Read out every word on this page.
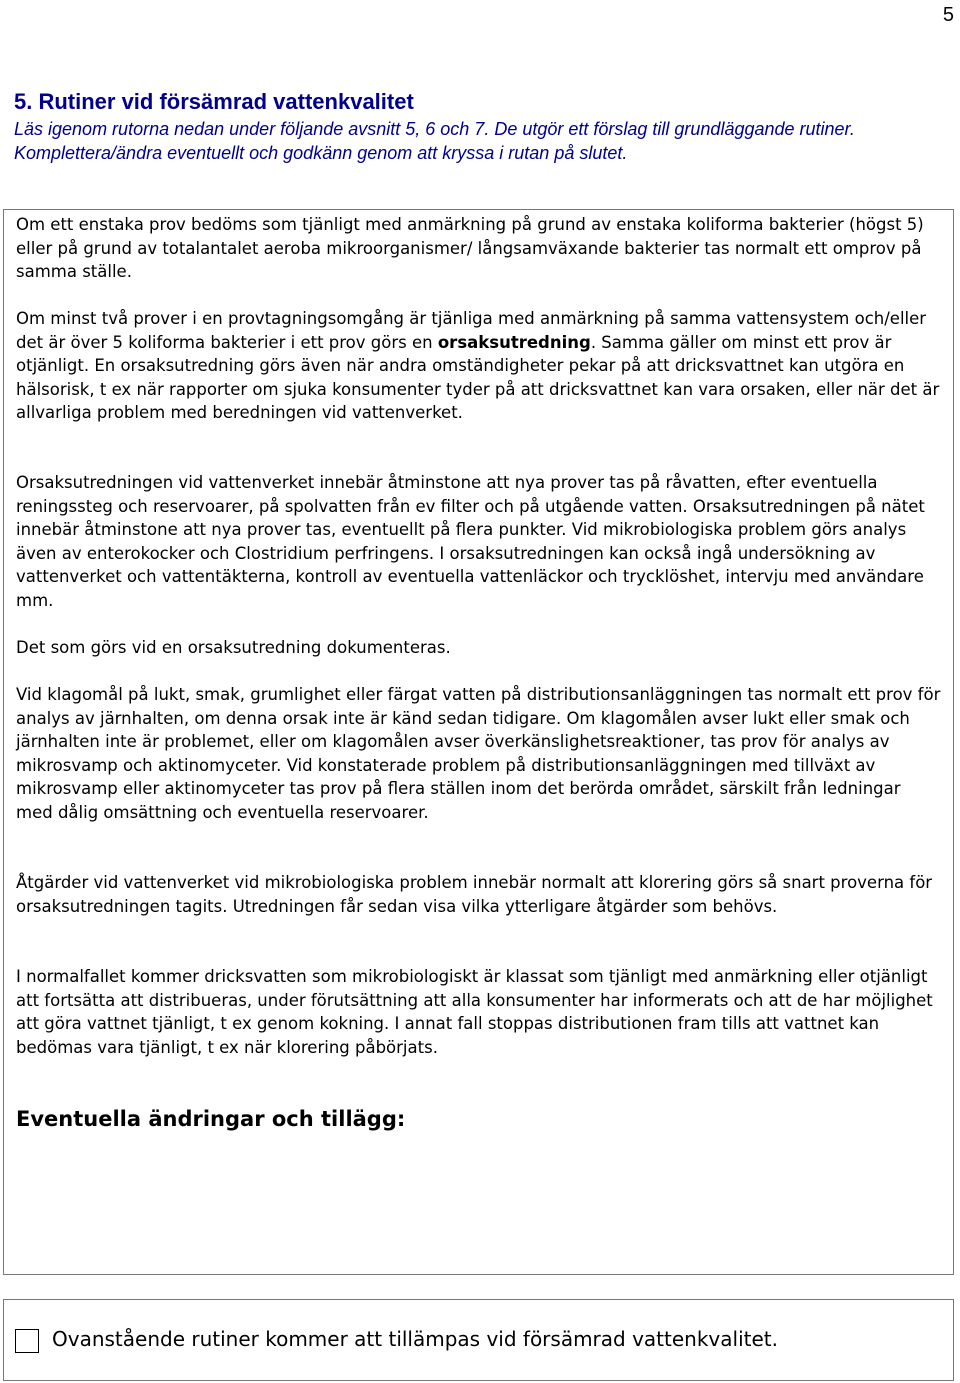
5
5. Rutiner vid försämrad vattenkvalitet

Läs igenom rutorna nedan under följande avsnitt 5, 6 och 7. De utgör ett förslag till grundläggande rutiner. Komplettera/ändra eventuellt och godkänn genom att kryssa i rutan på slutet.

Om ett enstaka prov bedöms som tjänligt med anmärkning på grund av enstaka koliforma bakterier (högst 5) eller på grund av totalantalet aeroba mikroorganismer/ långsamväxande bakterier tas normalt ett omprov på samma ställe.

Om minst två prover i en provtagningsomgång är tjänliga med anmärkning på samma vattensystem och/eller det är över 5 koliforma bakterier i ett prov görs en orsaksutredning. Samma gäller om minst ett prov är otjänligt. En orsaksutredning görs även när andra omständigheter pekar på att dricksvattnet kan utgöra en hälsorisk, t ex när rapporter om sjuka konsumenter tyder på att dricksvattnet kan vara orsaken, eller när det är allvarliga problem med beredningen vid vattenverket.

Orsaksutredningen vid vattenverket innebär åtminstone att nya prover tas på råvatten, efter eventuella reningssteg och reservoarer, på spolvatten från ev filter och på utgående vatten. Orsaksutredningen på nätet innebär åtminstone att nya prover tas, eventuellt på flera punkter. Vid mikrobiologiska problem görs analys även av enterokocker och Clostridium perfringens. I orsaksutredningen kan också ingå undersökning av vattenverket och vattentäkterna, kontroll av eventuella vattenläckor och trycklöshet, intervju med användare mm.

Det som görs vid en orsaksutredning dokumenteras.

Vid klagomål på lukt, smak, grumlighet eller färgat vatten på distributionsanläggningen tas normalt ett prov för analys av järnhalten, om denna orsak inte är känd sedan tidigare. Om klagomålen avser lukt eller smak och järnhalten inte är problemet, eller om klagomålen avser överkänslighetsreaktioner, tas prov för analys av mikrosvamp och aktinomyceter. Vid konstaterade problem på distributionsanläggningen med tillväxt av mikrosvamp eller aktinomyceter tas prov på flera ställen inom det berörda området, särskilt från ledningar med dålig omsättning och eventuella reservoarer.

Åtgärder vid vattenverket vid mikrobiologiska problem innebär normalt att klorering görs så snart proverna för orsaksutredningen tagits. Utredningen får sedan visa vilka ytterligare åtgärder som behövs.

I normalfallet kommer dricksvatten som mikrobiologiskt är klassat som tjänligt med anmärkning eller otjänligt att fortsätta att distribueras, under förutsättning att alla konsumenter har informerats och att de har möjlighet att göra vattnet tjänligt, t ex genom kokning. I annat fall stoppas distributionen fram tills att vattnet kan bedömas vara tjänligt, t ex när klorering påbörjats.

Eventuella ändringar och tillägg:
Ovanstående rutiner kommer att tillämpas vid försämrad vattenkvalitet.
